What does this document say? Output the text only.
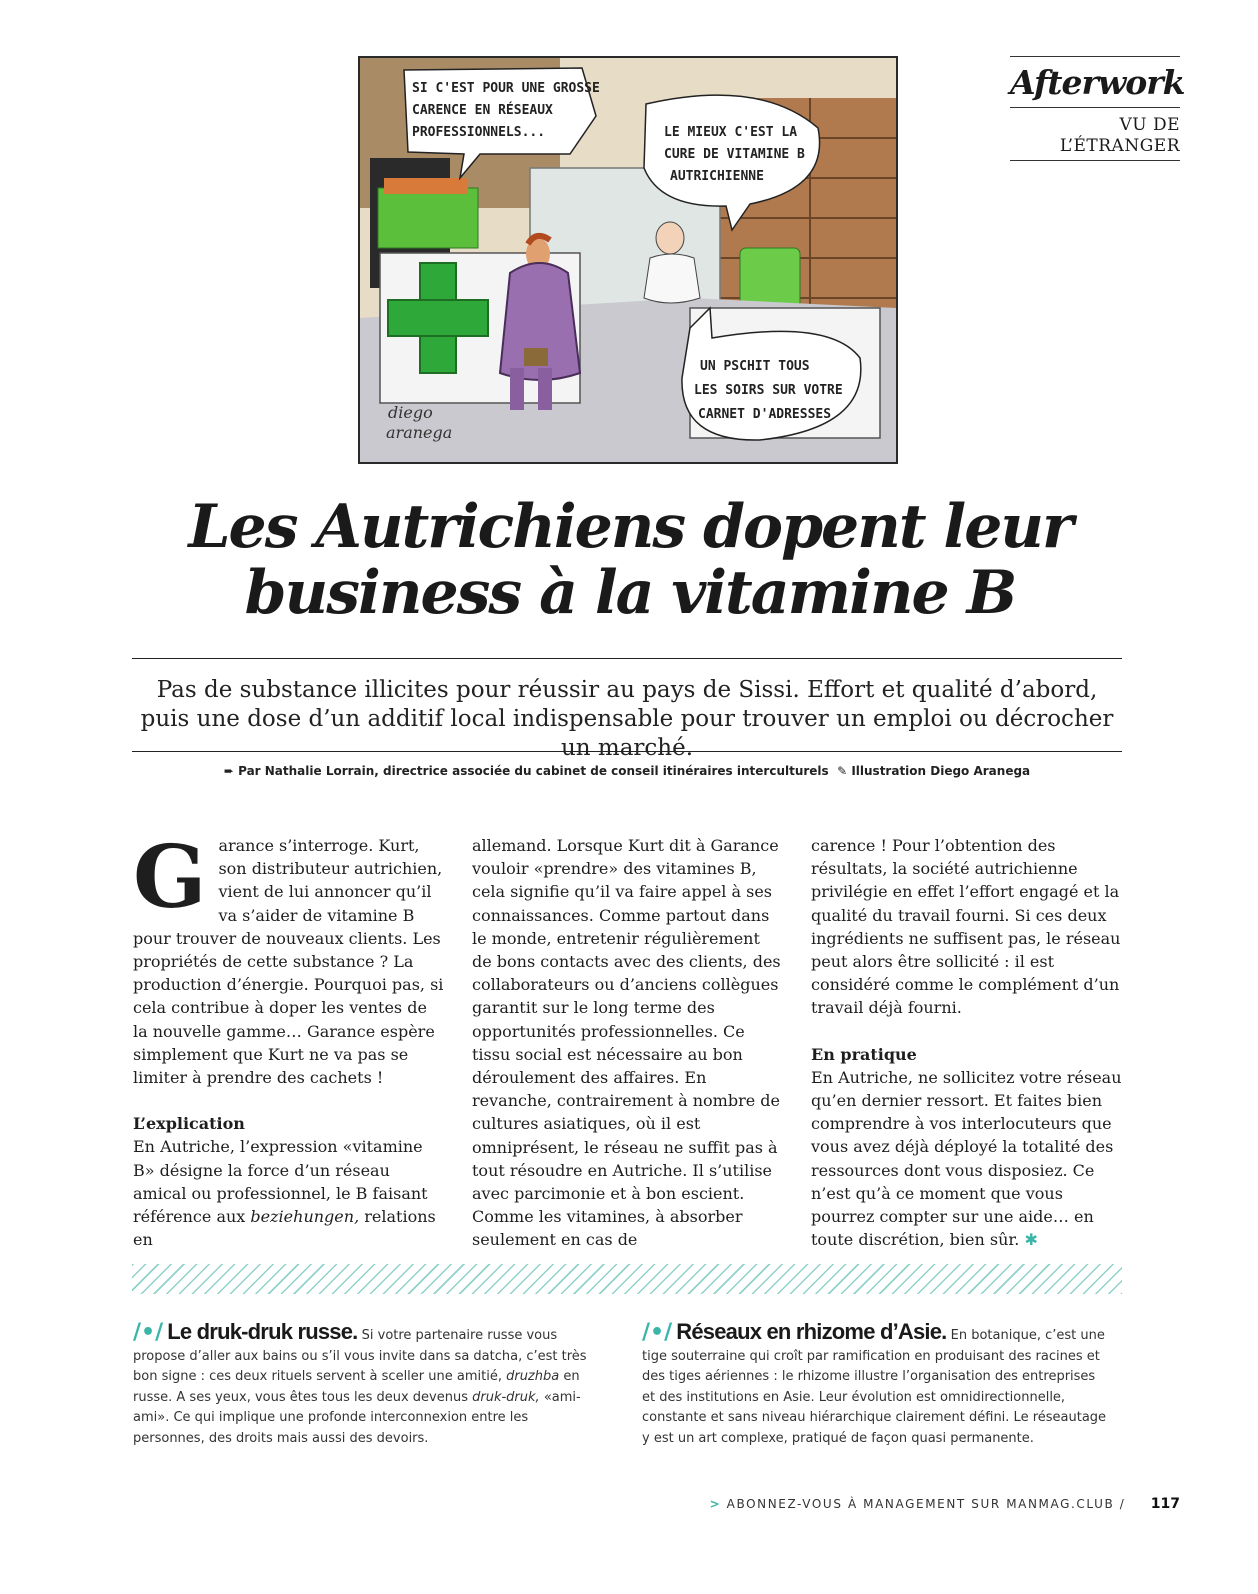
SI C'EST POUR UNE GROSSE
CARENCE EN RÉSEAUX
PROFESSIONNELS...	LE MIEUX C'EST LA
CURE DE VITAMINE B
AUTRICHIENNE
UN PSCHIT TOUS
LES SOIRS SUR VOTRE
CARNET D'ADRESSES
diego
aranega
Afterwork
VU DE
L’ÉTRANGER
Les Autrichiens dopent leur
business à la vitamine B
Pas de substance illicites pour réussir au pays de Sissi. Effort et qualité d’abord, puis une dose d’un additif local indispensable pour trouver un emploi ou décrocher un marché.
➨ Par Nathalie Lorrain, directrice associée du cabinet de conseil itinéraires interculturels ✎ Illustration Diego Aranega

Garance s’interroge. Kurt, son distributeur autrichien, vient de lui annoncer qu’il va s’aider de vitamine B pour trouver de nouveaux clients. Les propriétés de cette substance ? La production d’énergie. Pourquoi pas, si cela contribue à doper les ventes de la nouvelle gamme… Garance espère simplement que Kurt ne va pas se limiter à prendre des cachets !

L’explication

En Autriche, l’expression «vitamine B» désigne la force d’un réseau amical ou professionnel, le B faisant référence aux beziehungen, relations en

allemand. Lorsque Kurt dit à Garance vouloir «prendre» des vitamines B, cela signifie qu’il va faire appel à ses connaissances. Comme partout dans le monde, entretenir régulièrement de bons contacts avec des clients, des collaborateurs ou d’anciens collègues garantit sur le long terme des opportunités professionnelles. Ce tissu social est nécessaire au bon déroulement des affaires. En revanche, contrairement à nombre de cultures asiatiques, où il est omniprésent, le réseau ne suffit pas à tout résoudre en Autriche. Il s’utilise avec parcimonie et à bon escient. Comme les vitamines, à absorber seulement en cas de

carence ! Pour l’obtention des résultats, la société autrichienne privilégie en effet l’effort engagé et la qualité du travail fourni. Si ces deux ingrédients ne suffisent pas, le réseau peut alors être sollicité : il est considéré comme le complément d’un travail déjà fourni.

En pratique

En Autriche, ne sollicitez votre réseau qu’en dernier ressort. Et faites bien comprendre à vos interlocuteurs que vous avez déjà déployé la totalité des ressources dont vous disposiez. Ce n’est qu’à ce moment que vous pourrez compter sur une aide… en toute discrétion, bien sûr. ✱

/•/ Le druk-druk russe. Si votre partenaire russe vous propose d’aller aux bains ou s’il vous invite dans sa datcha, c’est très bon signe : ces deux rituels servent à sceller une amitié, druzhba en russe. A ses yeux, vous êtes tous les deux devenus druk-druk, «ami-ami». Ce qui implique une profonde interconnexion entre les personnes, des droits mais aussi des devoirs.
/•/ Réseaux en rhizome d’Asie. En botanique, c’est une tige souterraine qui croît par ramification en produisant des racines et des tiges aériennes : le rhizome illustre l’organisation des entreprises et des institutions en Asie. Leur évolution est omnidirectionnelle, constante et sans niveau hiérarchique clairement défini. Le réseautage y est un art complexe, pratiqué de façon quasi permanente.
> ABONNEZ-VOUS À MANAGEMENT SUR MANMAG.CLUB / 117
